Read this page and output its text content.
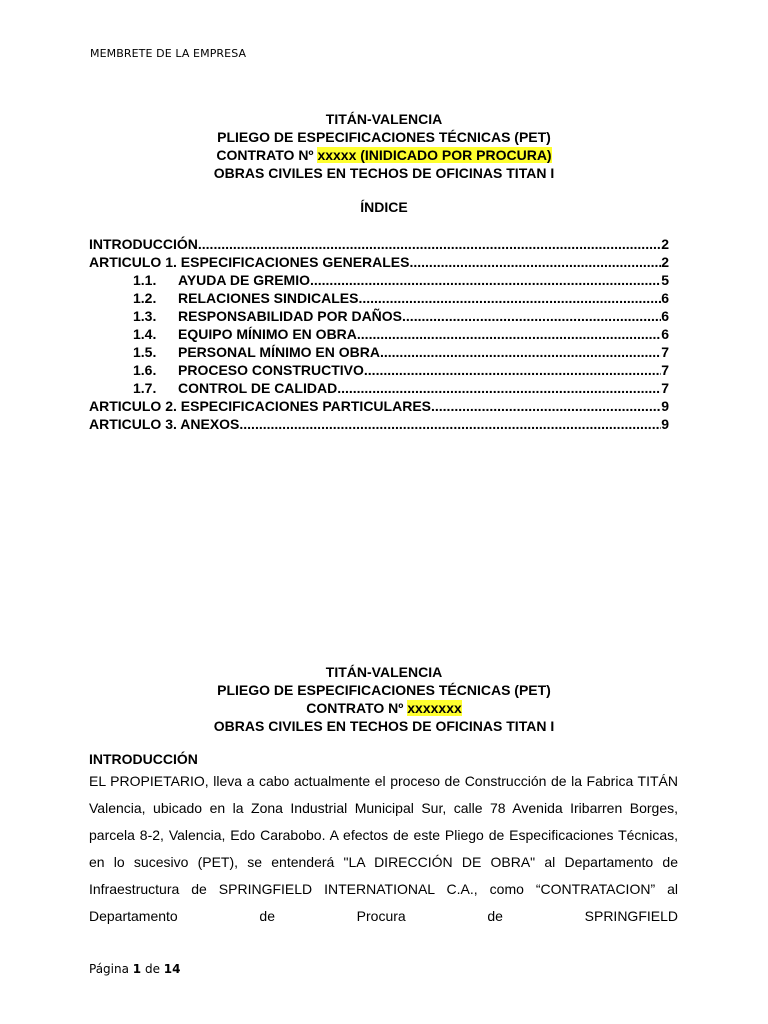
MEMBRETE DE LA EMPRESA
TITÁN-VALENCIA
PLIEGO DE ESPECIFICACIONES TÉCNICAS (PET)
CONTRATO Nº xxxxx (INIDICADO POR PROCURA)
OBRAS CIVILES EN TECHOS DE OFICINAS TITAN I
ÍNDICE
INTRODUCCIÓN .....	2
ARTICULO 1. ESPECIFICACIONES GENERALES .....	2
1.1.	AYUDA DE GREMIO .....	5
1.2.	RELACIONES SINDICALES. .....	6
1.3.	RESPONSABILIDAD POR DAÑOS .....	6
1.4.	EQUIPO MÍNIMO EN OBRA .....	6
1.5.	PERSONAL MÍNIMO EN OBRA .....	7
1.6.	PROCESO CONSTRUCTIVO .....	7
1.7.	CONTROL DE CALIDAD .....	7
ARTICULO 2. ESPECIFICACIONES PARTICULARES .....	9
ARTICULO 3. ANEXOS .....	9
TITÁN-VALENCIA
PLIEGO DE ESPECIFICACIONES TÉCNICAS (PET)
CONTRATO Nº xxxxxxx
OBRAS CIVILES EN TECHOS DE OFICINAS TITAN I
INTRODUCCIÓN
EL PROPIETARIO, lleva a cabo actualmente el proceso de Construcción de la Fabrica TITÁN Valencia, ubicado en la Zona Industrial Municipal Sur, calle 78 Avenida Iribarren Borges, parcela 8-2, Valencia, Edo Carabobo. A efectos de este Pliego de Especificaciones Técnicas, en lo sucesivo (PET), se entenderá "LA DIRECCIÓN DE OBRA" al Departamento de Infraestructura de SPRINGFIELD INTERNATIONAL C.A., como “CONTRATACION” al Departamento de Procura de SPRINGFIELD
Página 1 de 14
